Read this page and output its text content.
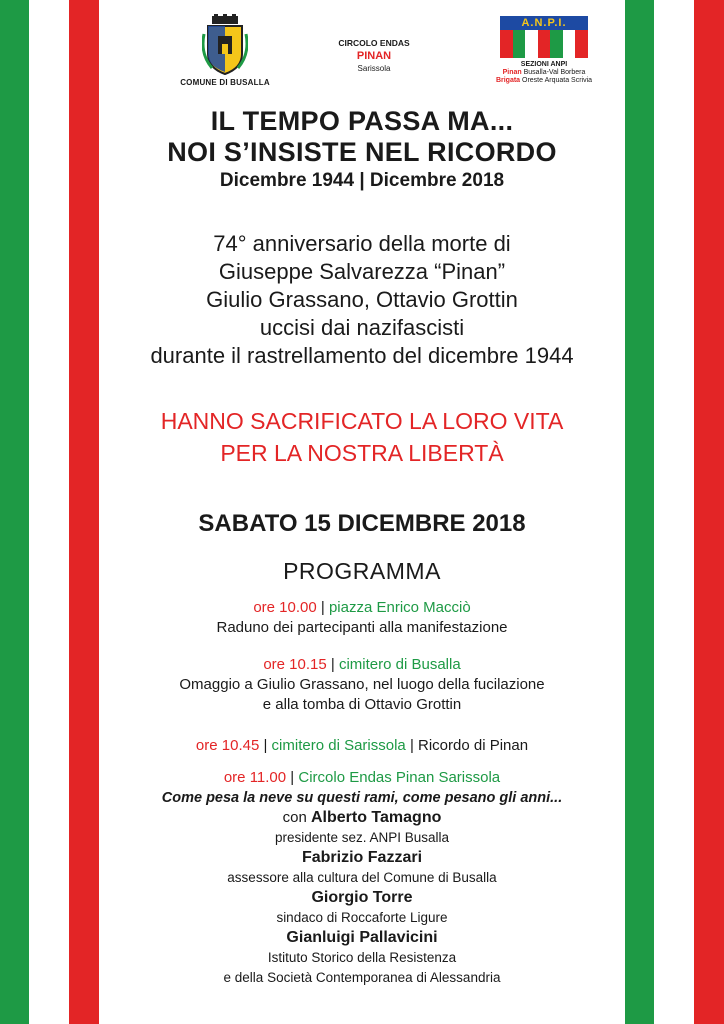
COMUNE DI BUSALLA
CIRCOLO ENDAS
PINAN
Sarissola
A.N.P.I.
SEZIONI ANPI
Pinan Busalla-Val Borbera
Brigata Oreste Arquata Scrivia
IL TEMPO PASSA MA...
NOI S’INSISTE NEL RICORDO
Dicembre 1944 | Dicembre 2018
74° anniversario della morte di
Giuseppe Salvarezza “Pinan”
Giulio Grassano, Ottavio Grottin
uccisi dai nazifascisti
durante il rastrellamento del dicembre 1944
HANNO SACRIFICATO LA LORO VITA
PER LA NOSTRA LIBERTÀ
SABATO 15 DICEMBRE 2018
PROGRAMMA
ore 10.00 | piazza Enrico Macciò
Raduno dei partecipanti alla manifestazione
ore 10.15 | cimitero di Busalla
Omaggio a Giulio Grassano, nel luogo della fucilazione
e alla tomba di Ottavio Grottin
ore 10.45 | cimitero di Sarissola | Ricordo di Pinan
ore 11.00 | Circolo Endas Pinan Sarissola
Come pesa la neve su questi rami, come pesano gli anni...
con Alberto Tamagno
presidente sez. ANPI Busalla
Fabrizio Fazzari
assessore alla cultura del Comune di Busalla
Giorgio Torre
sindaco di Roccaforte Ligure
Gianluigi Pallavicini
Istituto Storico della Resistenza
e della Società Contemporanea di Alessandria
